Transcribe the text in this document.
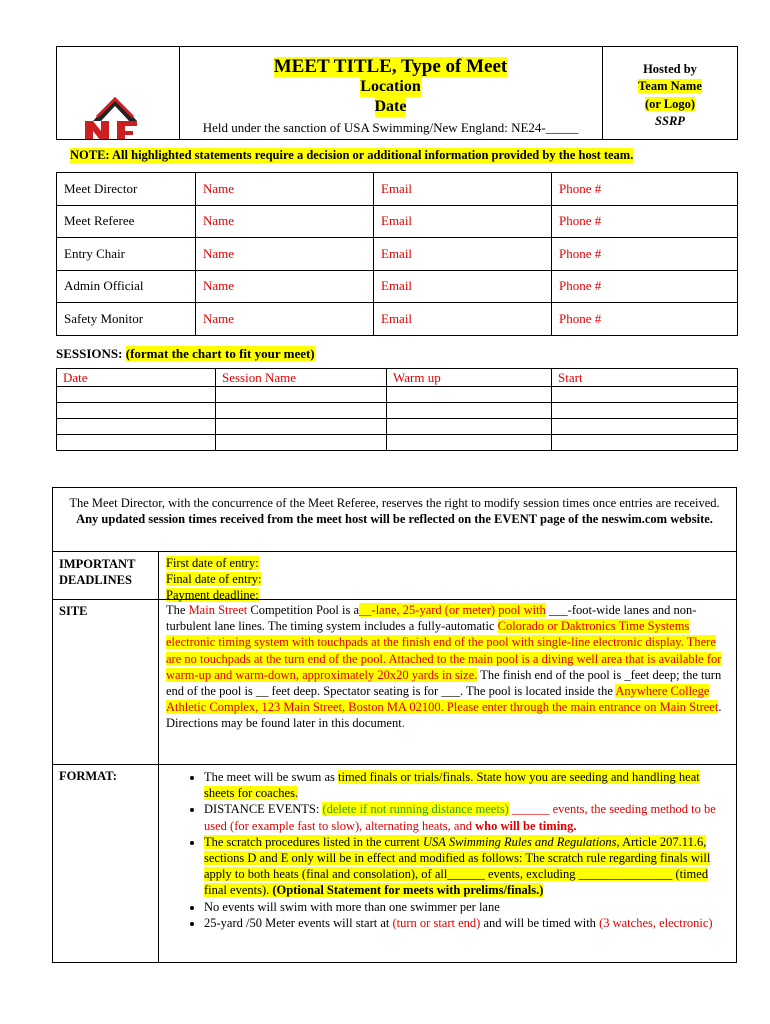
MEET TITLE, Type of Meet
Location
Date
Held under the sanction of USA Swimming/New England: NE24-_____
Hosted by
Team Name
(or Logo)
SSRP
NOTE: All highlighted statements require a decision or additional information provided by the host team.
Meet Director	Name	Email	Phone #
Meet Referee	Name	Email	Phone #
Entry Chair	Name	Email	Phone #
Admin Official	Name	Email	Phone #
Safety Monitor	Name	Email	Phone #
SESSIONS: (format the chart to fit your meet)
Date	Session Name	Warm up	Start

The Meet Director, with the concurrence of the Meet Referee, reserves the right to modify session times once entries are received. Any updated session times received from the meet host will be reflected on the EVENT page of the neswim.com website.
IMPORTANT DEADLINES
First date of entry:
Final date of entry:
Payment deadline:
SITE	The Main Street Competition Pool is a__-lane, 25-yard (or meter) pool with ___-foot-wide lanes and non-turbulent lane lines. The timing system includes a fully-automatic Colorado or Daktronics Time Systems electronic timing system with touchpads at the finish end of the pool with single-line electronic display. There are no touchpads at the turn end of the pool. Attached to the main pool is a diving well area that is available for warm-up and warm-down, approximately 20x20 yards in size. The finish end of the pool is _feet deep; the turn end of the pool is __ feet deep. Spectator seating is for ___. The pool is located inside the Anywhere College Athletic Complex, 123 Main Street, Boston MA 02100. Please enter through the main entrance on Main Street. Directions may be found later in this document.
FORMAT:	• The meet will be swum as timed finals or trials/finals. State how you are seeding and handling heat sheets for coaches.
• DISTANCE EVENTS: (delete if not running distance meets) ______ events, the seeding method to be used (for example fast to slow), alternating heats, and who will be timing.
• The scratch procedures listed in the current USA Swimming Rules and Regulations, Article 207.11.6, sections D and E only will be in effect and modified as follows: The scratch rule regarding finals will apply to both heats (final and consolation), of all______ events, excluding _______________ (timed final events). (Optional Statement for meets with prelims/finals.)
• No events will swim with more than one swimmer per lane
• 25-yard /50 Meter events will start at (turn or start end) and will be timed with (3 watches, electronic)
